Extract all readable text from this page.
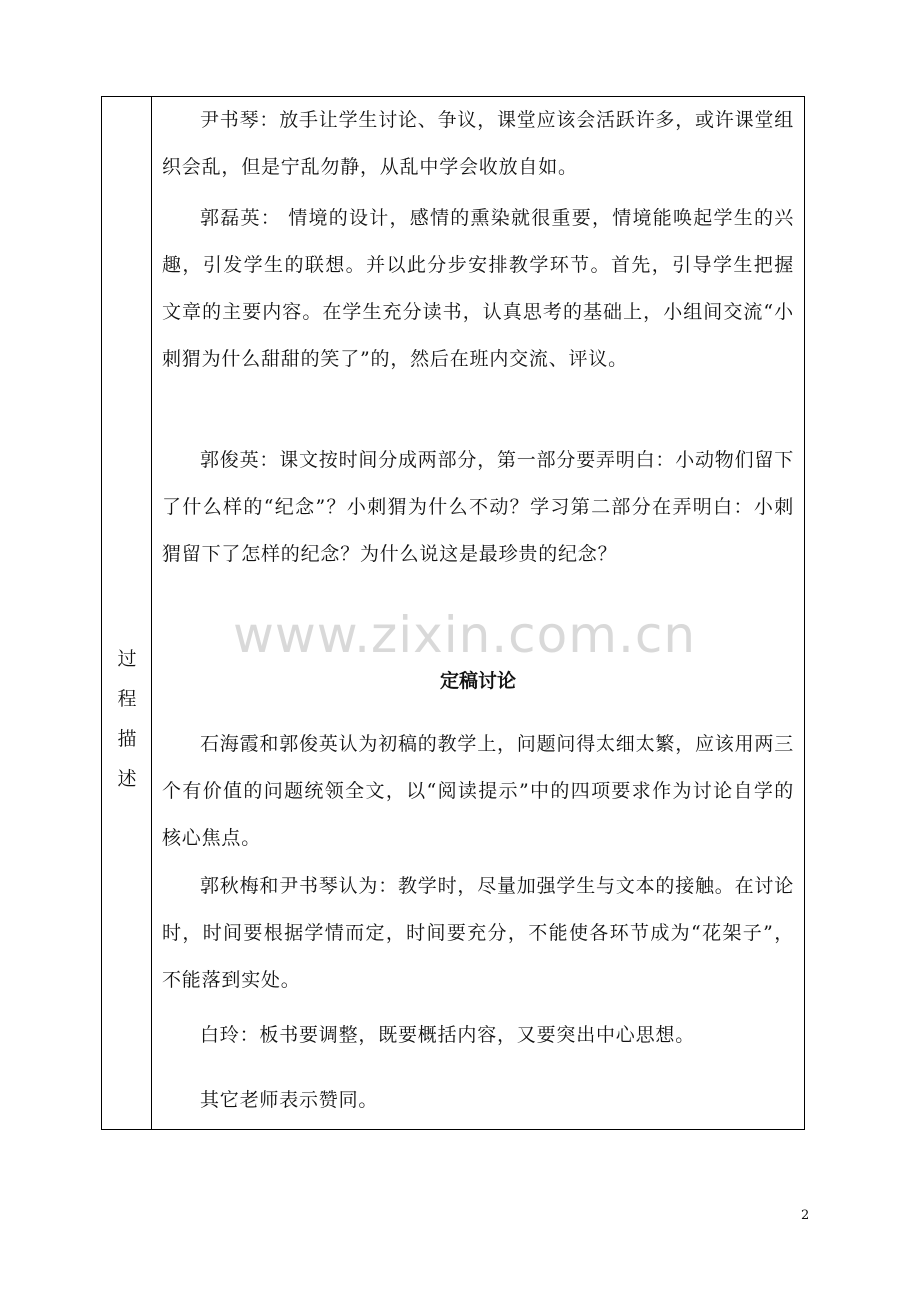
过
程
描
述

尹书琴：放手让学生讨论、争议，课堂应该会活跃许多，或许课堂组织会乱，但是宁乱勿静，从乱中学会收放自如。

郭磊英： 情境的设计，感情的熏染就很重要，情境能唤起学生的兴趣，引发学生的联想。并以此分步安排教学环节。首先，引导学生把握文章的主要内容。在学生充分读书，认真思考的基础上，小组间交流“小刺猬为什么甜甜的笑了”的，然后在班内交流、评议。

郭俊英：课文按时间分成两部分，第一部分要弄明白：小动物们留下了什么样的“纪念”？小刺猬为什么不动？学习第二部分在弄明白：小刺猬留下了怎样的纪念？为什么说这是最珍贵的纪念？

定稿讨论

石海霞和郭俊英认为初稿的教学上，问题问得太细太繁，应该用两三个有价值的问题统领全文，以“阅读提示”中的四项要求作为讨论自学的核心焦点。

郭秋梅和尹书琴认为：教学时，尽量加强学生与文本的接触。在讨论时，时间要根据学情而定，时间要充分，不能使各环节成为“花架子”，不能落到实处。

白玲：板书要调整，既要概括内容，又要突出中心思想。

其它老师表示赞同。

www.zixin.com.cn
2
